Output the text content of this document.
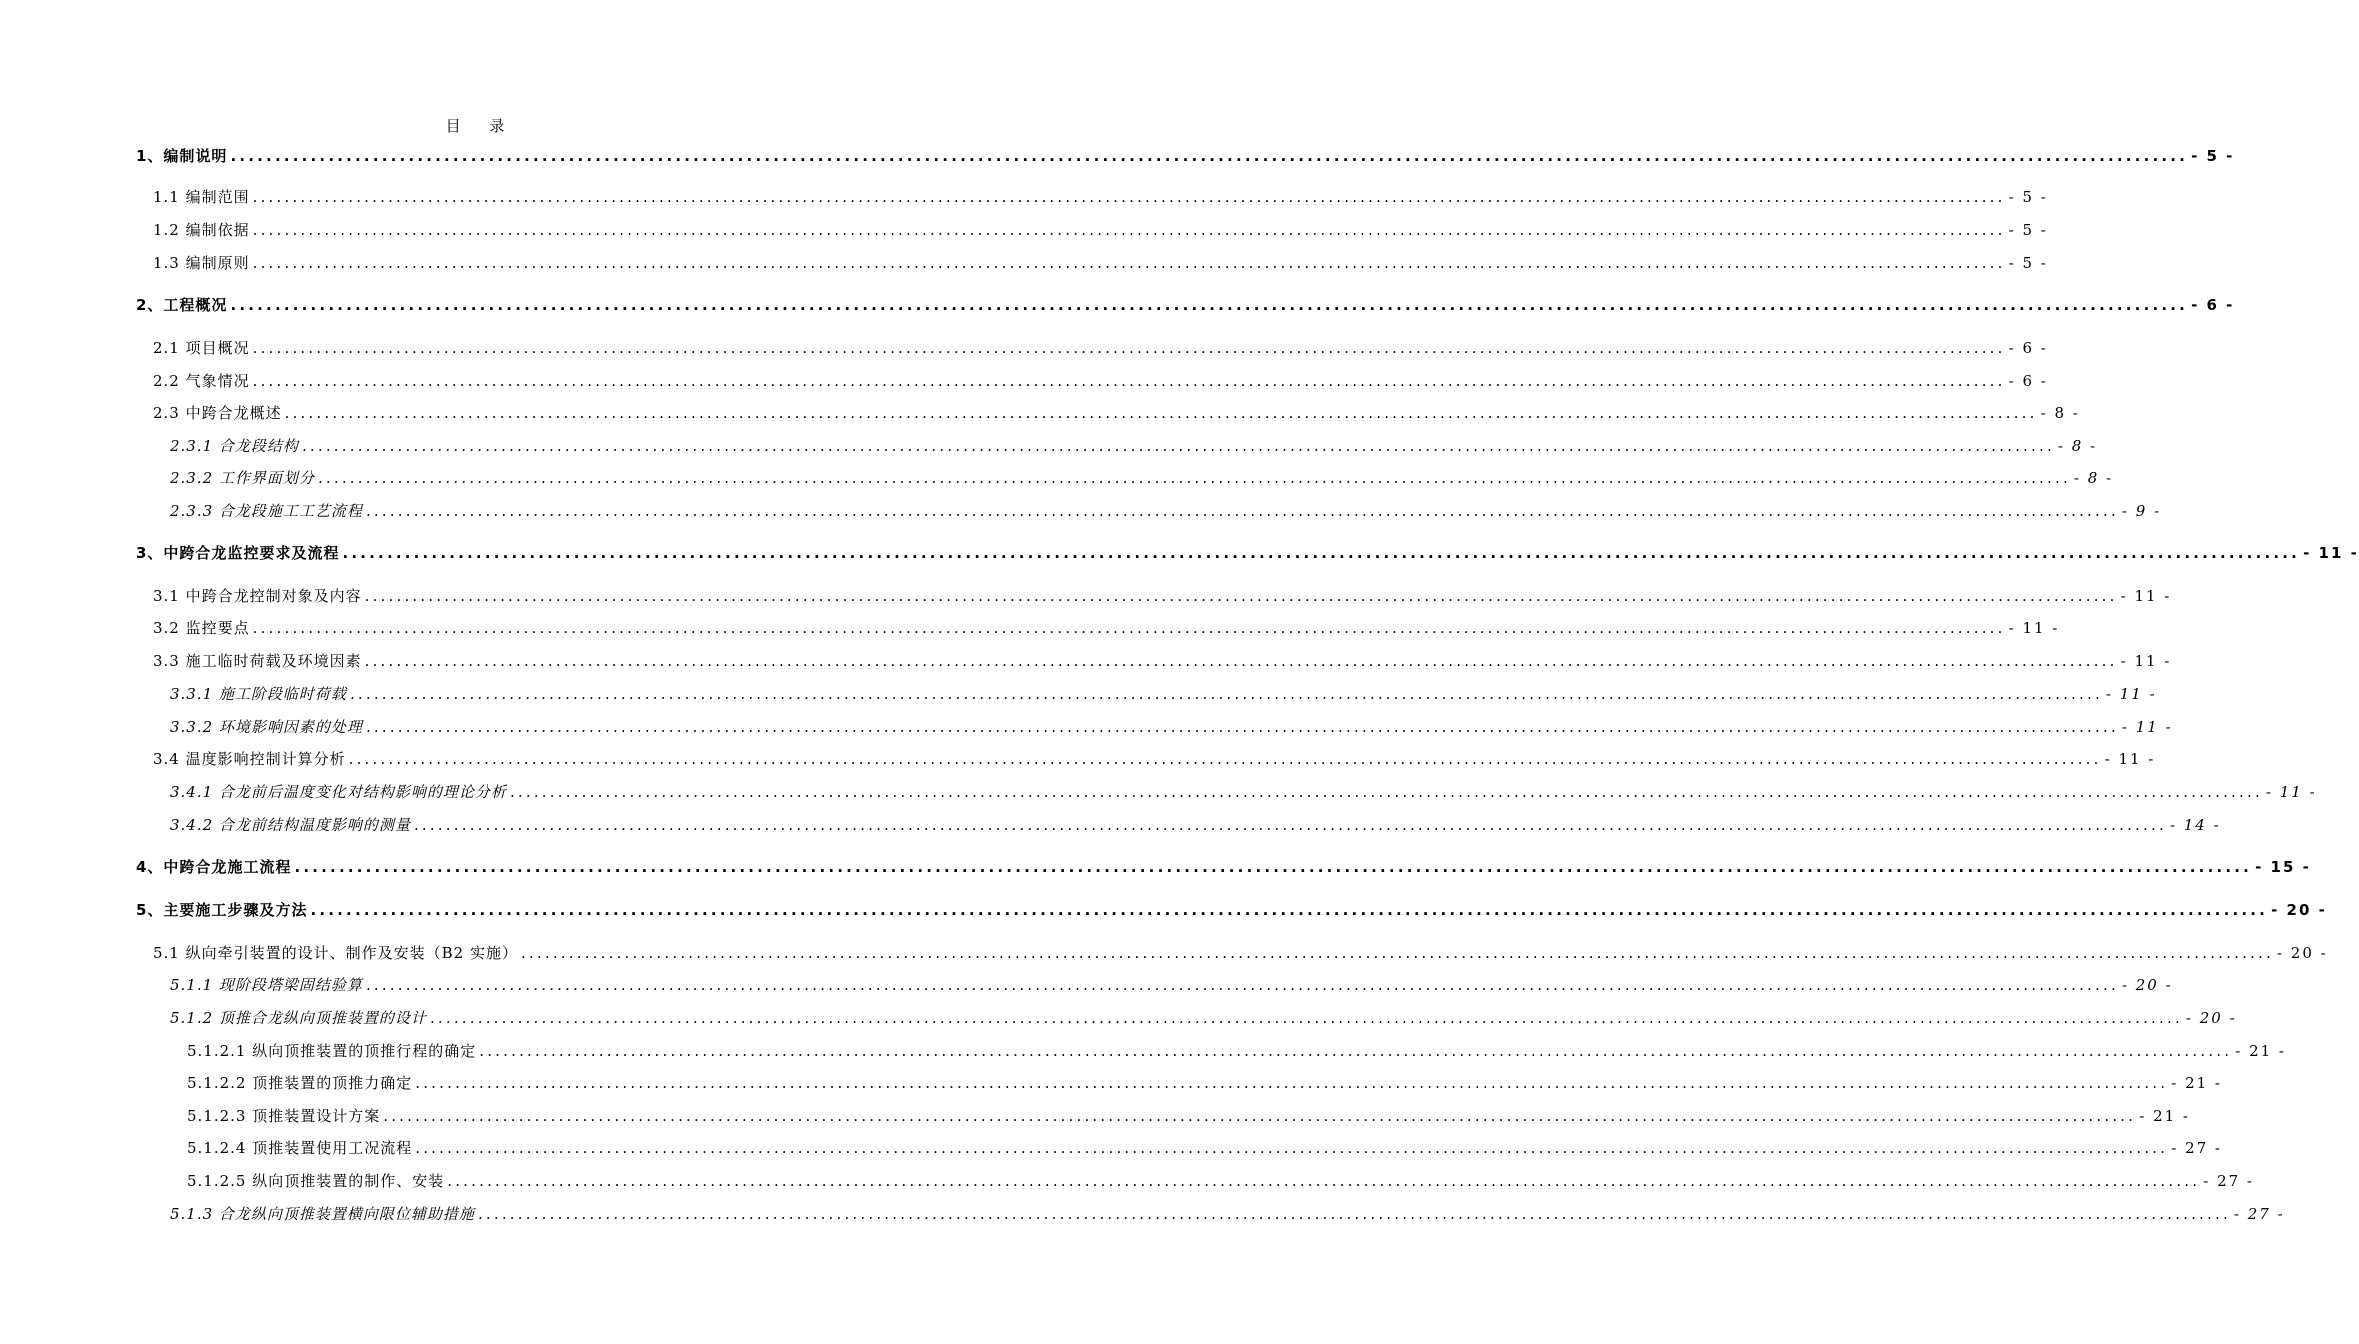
目 录
1、编制说明 ............................................................................................................................................................................................................................ - 5 -
1.1 编制范围 ............................................................................................................................................................................................................................ - 5 -
1.2 编制依据 ............................................................................................................................................................................................................................ - 5 -
1.3 编制原则 ............................................................................................................................................................................................................................ - 5 -
2、工程概况 ............................................................................................................................................................................................................................ - 6 -
2.1 项目概况 ............................................................................................................................................................................................................................ - 6 -
2.2 气象情况 ............................................................................................................................................................................................................................ - 6 -
2.3 中跨合龙概述 ............................................................................................................................................................................................................................ - 8 -
2.3.1 合龙段结构 ............................................................................................................................................................................................................................ - 8 -
2.3.2 工作界面划分 ............................................................................................................................................................................................................................ - 8 -
2.3.3 合龙段施工工艺流程 ............................................................................................................................................................................................................................ - 9 -
3、中跨合龙监控要求及流程 ............................................................................................................................................................................................................................ - 11 -
3.1 中跨合龙控制对象及内容 ............................................................................................................................................................................................................................ - 11 -
3.2 监控要点 ............................................................................................................................................................................................................................ - 11 -
3.3 施工临时荷载及环境因素 ............................................................................................................................................................................................................................ - 11 -
3.3.1 施工阶段临时荷载 ............................................................................................................................................................................................................................ - 11 -
3.3.2 环境影响因素的处理 ............................................................................................................................................................................................................................ - 11 -
3.4 温度影响控制计算分析 ............................................................................................................................................................................................................................ - 11 -
3.4.1 合龙前后温度变化对结构影响的理论分析 ............................................................................................................................................................................................................................ - 11 -
3.4.2 合龙前结构温度影响的测量 ............................................................................................................................................................................................................................ - 14 -
4、中跨合龙施工流程 ............................................................................................................................................................................................................................ - 15 -
5、主要施工步骤及方法 ............................................................................................................................................................................................................................ - 20 -
5.1 纵向牵引装置的设计、制作及安装（B2 实施） ............................................................................................................................................................................................................................ - 20 -
5.1.1 现阶段塔梁固结验算 ............................................................................................................................................................................................................................ - 20 -
5.1.2 顶推合龙纵向顶推装置的设计 ............................................................................................................................................................................................................................ - 20 -
5.1.2.1 纵向顶推装置的顶推行程的确定 ............................................................................................................................................................................................................................ - 21 -
5.1.2.2 顶推装置的顶推力确定 ............................................................................................................................................................................................................................ - 21 -
5.1.2.3 顶推装置设计方案 ............................................................................................................................................................................................................................ - 21 -
5.1.2.4 顶推装置使用工况流程 ............................................................................................................................................................................................................................ - 27 -
5.1.2.5 纵向顶推装置的制作、安装 ............................................................................................................................................................................................................................ - 27 -
5.1.3 合龙纵向顶推装置横向限位辅助措施 ............................................................................................................................................................................................................................ - 27 -
